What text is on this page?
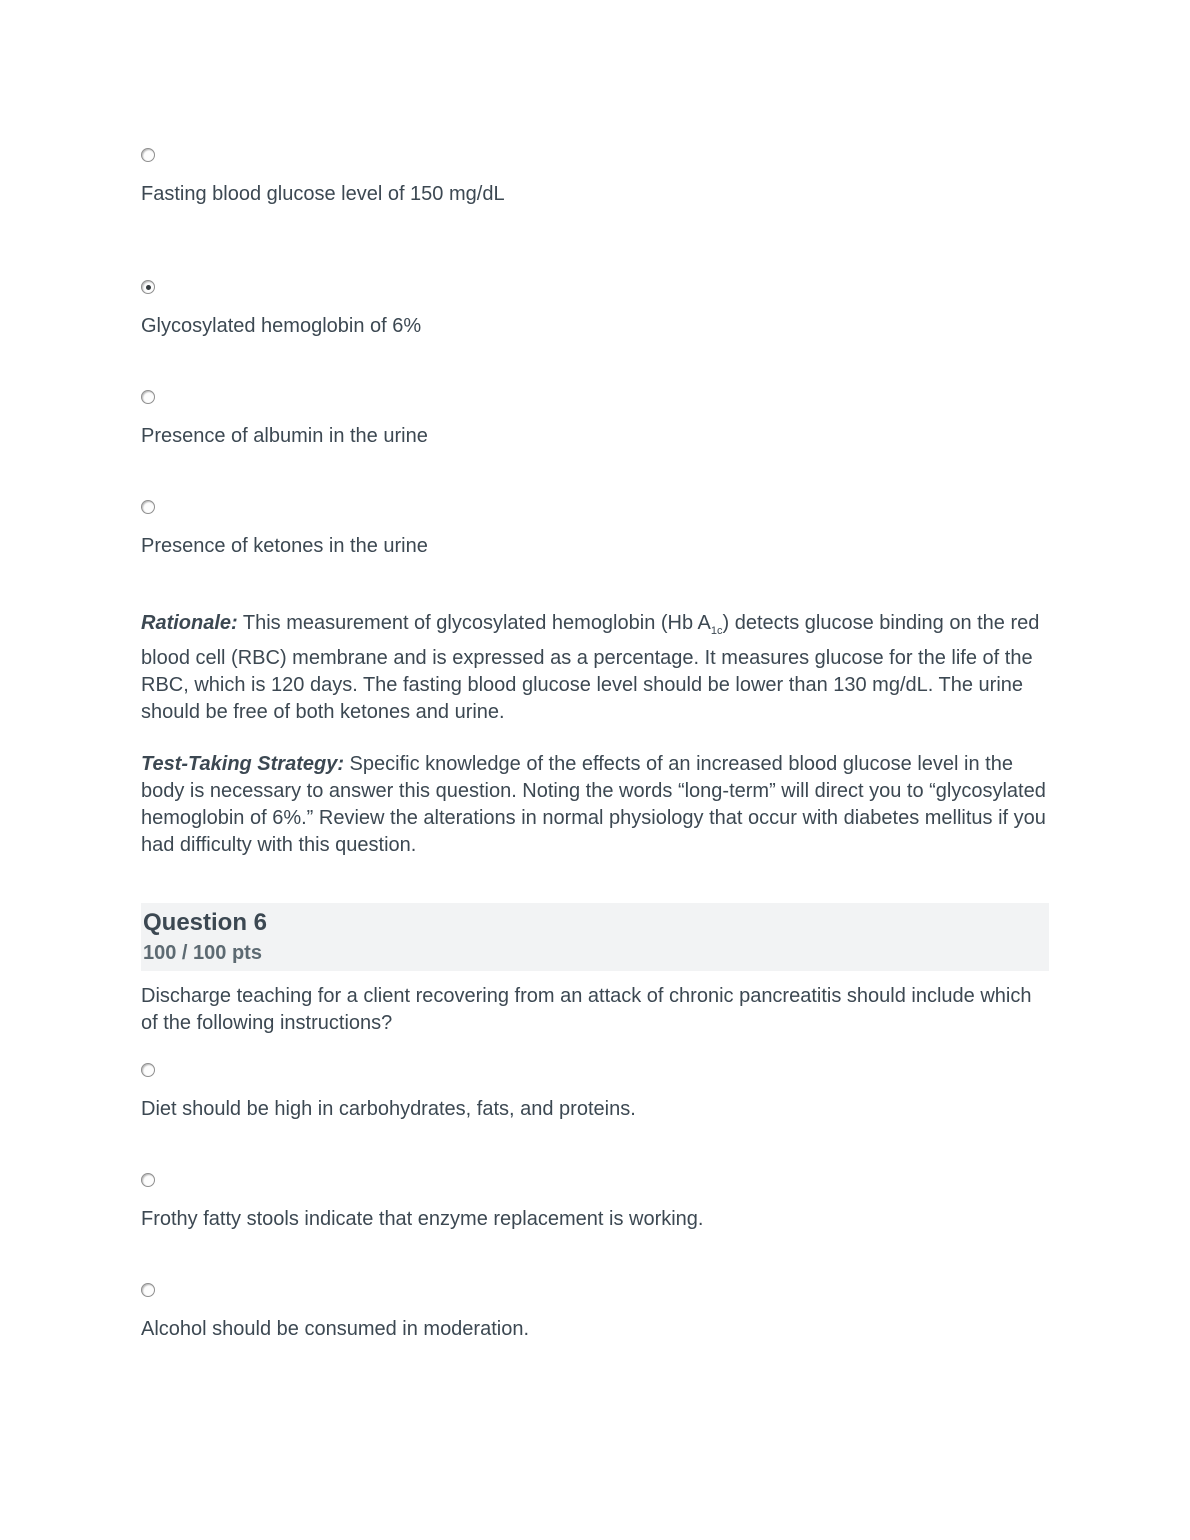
Fasting blood glucose level of 150 mg/dL
Glycosylated hemoglobin of 6%
Presence of albumin in the urine
Presence of ketones in the urine

Rationale: This measurement of glycosylated hemoglobin (Hb $A_{1c}$) detects glucose binding on the red blood cell (RBC) membrane and is expressed as a percentage. It measures glucose for the life of the RBC, which is 120 days. The fasting blood glucose level should be lower than 130 mg/dL. The urine should be free of both ketones and urine.

Test-Taking Strategy: Specific knowledge of the effects of an increased blood glucose level in the body is necessary to answer this question. Noting the words “long-term” will direct you to “glycosylated hemoglobin of 6%.” Review the alterations in normal physiology that occur with diabetes mellitus if you had difficulty with this question.

Question 6
100 / 100 pts
Discharge teaching for a client recovering from an attack of chronic pancreatitis should include which of the following instructions?
Diet should be high in carbohydrates, fats, and proteins.
Frothy fatty stools indicate that enzyme replacement is working.
Alcohol should be consumed in moderation.
